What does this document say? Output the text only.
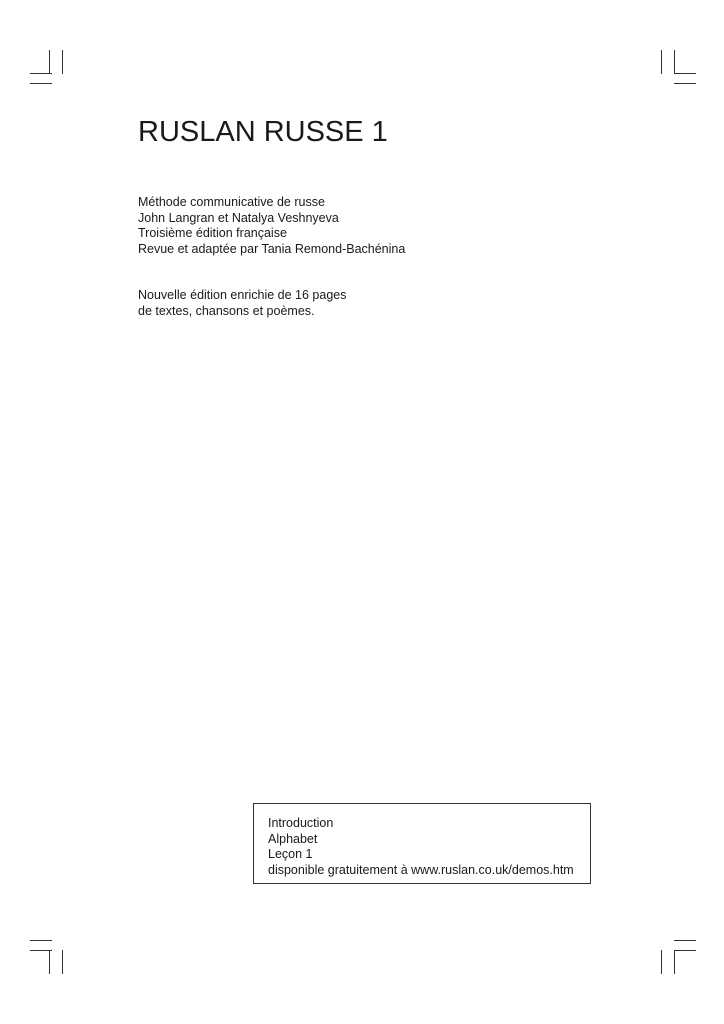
RUSLAN RUSSE 1
Méthode communicative de russe
John Langran et Natalya Veshnyeva
Troisième édition française
Revue et adaptée par Tania Remond-Bachénina
Nouvelle édition enrichie de 16 pages
de textes, chansons et poèmes.
Introduction
Alphabet
Leçon 1
disponible gratuitement à www.ruslan.co.uk/demos.htm
